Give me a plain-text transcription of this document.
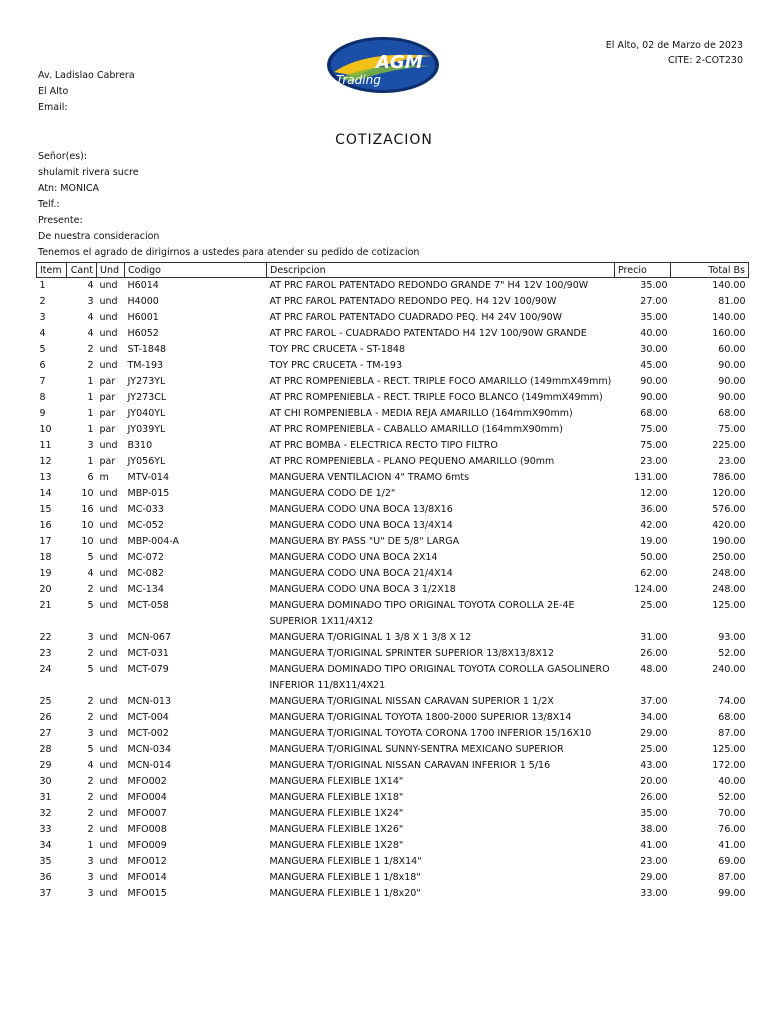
AGM
Trading
El Alto, 02 de Marzo de 2023
CITE: 2-COT230
Av. Ladislao Cabrera
El Alto
Email:
COTIZACION
Señor(es):
shulamit rivera sucre
Atn: MONICA
Telf.:
Presente:
De nuestra consideracion
Tenemos el agrado de dirigirnos a ustedes para atender su pedido de cotizacion
Item	Cant	Und	Codigo	Descripcion	Precio	Total Bs
1	4	und	H6014	AT PRC FAROL PATENTADO REDONDO GRANDE 7" H4 12V 100/90W	35.00	140.00
2	3	und	H4000	AT PRC FAROL PATENTADO REDONDO PEQ. H4 12V 100/90W	27.00	81.00
3	4	und	H6001	AT PRC FAROL PATENTADO CUADRADO PEQ. H4 24V 100/90W	35.00	140.00
4	4	und	H6052	AT PRC FAROL - CUADRADO PATENTADO H4 12V 100/90W GRANDE	40.00	160.00
5	2	und	ST-1848	TOY PRC CRUCETA - ST-1848	30.00	60.00
6	2	und	TM-193	TOY PRC CRUCETA - TM-193	45.00	90.00
7	1	par	JY273YL	AT PRC ROMPENIEBLA - RECT. TRIPLE FOCO AMARILLO (149mmX49mm)	90.00	90.00
8	1	par	JY273CL	AT PRC ROMPENIEBLA - RECT. TRIPLE FOCO BLANCO (149mmX49mm)	90.00	90.00
9	1	par	JY040YL	AT CHI ROMPENIEBLA - MEDIA REJA AMARILLO (164mmX90mm)	68.00	68.00
10	1	par	JY039YL	AT PRC ROMPENIEBLA - CABALLO AMARILLO (164mmX90mm)	75.00	75.00
11	3	und	B310	AT PRC BOMBA - ELECTRICA RECTO TIPO FILTRO	75.00	225.00
12	1	par	JY056YL	AT PRC ROMPENIEBLA - PLANO PEQUENO AMARILLO (90mm	23.00	23.00
13	6	m	MTV-014	MANGUERA VENTILACION 4" TRAMO 6mts	131.00	786.00
14	10	und	MBP-015	MANGUERA CODO DE 1/2"	12.00	120.00
15	16	und	MC-033	MANGUERA CODO UNA BOCA 13/8X16	36.00	576.00
16	10	und	MC-052	MANGUERA CODO UNA BOCA 13/4X14	42.00	420.00
17	10	und	MBP-004-A	MANGUERA BY PASS "U" DE 5/8" LARGA	19.00	190.00
18	5	und	MC-072	MANGUERA CODO UNA BOCA 2X14	50.00	250.00
19	4	und	MC-082	MANGUERA CODO UNA BOCA 21/4X14	62.00	248.00
20	2	und	MC-134	MANGUERA CODO UNA BOCA 3 1/2X18	124.00	248.00
21	5	und	MCT-058	MANGUERA DOMINADO TIPO ORIGINAL TOYOTA COROLLA 2E-4E SUPERIOR 1X11/4X12	25.00	125.00
22	3	und	MCN-067	MANGUERA T/ORIGINAL 1 3/8 X 1 3/8 X 12	31.00	93.00
23	2	und	MCT-031	MANGUERA T/ORIGINAL SPRINTER SUPERIOR 13/8X13/8X12	26.00	52.00
24	5	und	MCT-079	MANGUERA DOMINADO TIPO ORIGINAL TOYOTA COROLLA GASOLINERO INFERIOR 11/8X11/4X21	48.00	240.00
25	2	und	MCN-013	MANGUERA T/ORIGINAL NISSAN CARAVAN SUPERIOR 1 1/2X	37.00	74.00
26	2	und	MCT-004	MANGUERA T/ORIGINAL TOYOTA 1800-2000 SUPERIOR 13/8X14	34.00	68.00
27	3	und	MCT-002	MANGUERA T/ORIGINAL TOYOTA CORONA 1700 INFERIOR 15/16X10	29.00	87.00
28	5	und	MCN-034	MANGUERA T/ORIGINAL SUNNY-SENTRA MEXICANO SUPERIOR	25.00	125.00
29	4	und	MCN-014	MANGUERA T/ORIGINAL NISSAN CARAVAN INFERIOR 1 5/16	43.00	172.00
30	2	und	MFO002	MANGUERA FLEXIBLE 1X14"	20.00	40.00
31	2	und	MFO004	MANGUERA FLEXIBLE 1X18"	26.00	52.00
32	2	und	MFO007	MANGUERA FLEXIBLE 1X24"	35.00	70.00
33	2	und	MFO008	MANGUERA FLEXIBLE 1X26"	38.00	76.00
34	1	und	MFO009	MANGUERA FLEXIBLE 1X28"	41.00	41.00
35	3	und	MFO012	MANGUERA FLEXIBLE 1 1/8X14"	23.00	69.00
36	3	und	MFO014	MANGUERA FLEXIBLE 1 1/8x18"	29.00	87.00
37	3	und	MFO015	MANGUERA FLEXIBLE 1 1/8x20"	33.00	99.00
